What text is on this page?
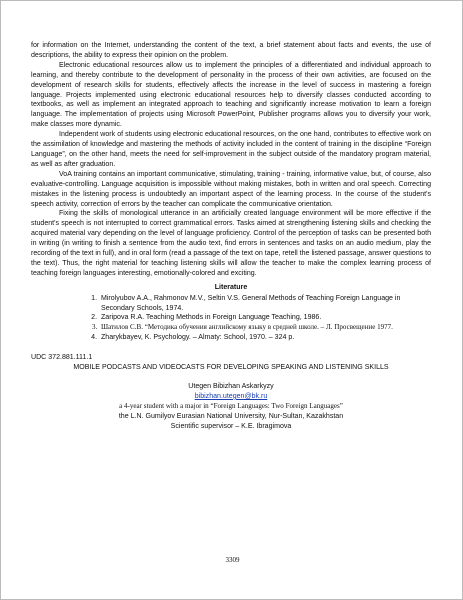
for information on the Internet, understanding the content of the text, a brief statement about facts and events, the use of descriptions, the ability to express their opinion on the problem.

Electronic educational resources allow us to implement the principles of a differentiated and individual approach to learning, and thereby contribute to the development of personality in the process of their own activities, are focused on the development of research skills for students, effectively affects the increase in the level of success in mastering a foreign language. Projects implemented using electronic educational resources help to diversify classes conducted according to textbooks, as well as implement an integrated approach to teaching and significantly increase motivation to learn a foreign language. The implementation of projects using Microsoft PowerPoint, Publisher programs allows you to diversify your work, make classes more dynamic.

Independent work of students using electronic educational resources, on the one hand, contributes to effective work on the assimilation of knowledge and mastering the methods of activity included in the content of training in the discipline “Foreign Language”, on the other hand, meets the need for self-improvement in the subject outside of the mandatory program material, as well as after graduation.

VoA training contains an important communicative, stimulating, training - training, informative value, but, of course, also evaluative-controlling. Language acquisition is impossible without making mistakes, both in written and oral speech. Correcting mistakes in the listening process is undoubtedly an important aspect of the learning process. In the course of the student's speech activity, correction of errors by the teacher can complicate the communicative orientation.

Fixing the skills of monological utterance in an artificially created language environment will be more effective if the student's speech is not interrupted to correct grammatical errors. Tasks aimed at strengthening listening skills and checking the acquired material vary depending on the level of language proficiency. Control of the perception of tasks can be presented both in writing (in writing to finish a sentence from the audio text, find errors in sentences and tasks on an audio medium, play the recording of the text in full), and in oral form (read a passage of the text on tape, retell the listened passage, answer questions to the text). Thus, the right material for teaching listening skills will allow the teacher to make the complex learning process of teaching foreign languages interesting, emotionally-colored and exciting.

Literature
1. Mirolyubov A.A., Rahmonov M.V., Seltin V.S. General Methods of Teaching Foreign Language in Secondary Schools, 1974.
2. Zaripova R.A. Teaching Methods in Foreign Language Teaching, 1986.
3. Шатилов С.В. “Методика обучения английскому языку в средней школе. – Л. Просвещение 1977.
4. Zharykbayev, K. Psychology. – Almaty: School, 1970. – 324 p.
UDC 372.881.111.1
MOBILE PODCASTS AND VIDEOCASTS FOR DEVELOPING SPEAKING AND LISTENING SKILLS
Utegen Bibizhan Askarkyzy
bibizhan.utegen@bk.ru
a 4-year student with a major in “Foreign Languages: Two Foreign Languages”
the L.N. Gumilyov Eurasian National University, Nur-Sultan, Kazakhstan
Scientific supervisor – K.E. Ibragimova
3309
